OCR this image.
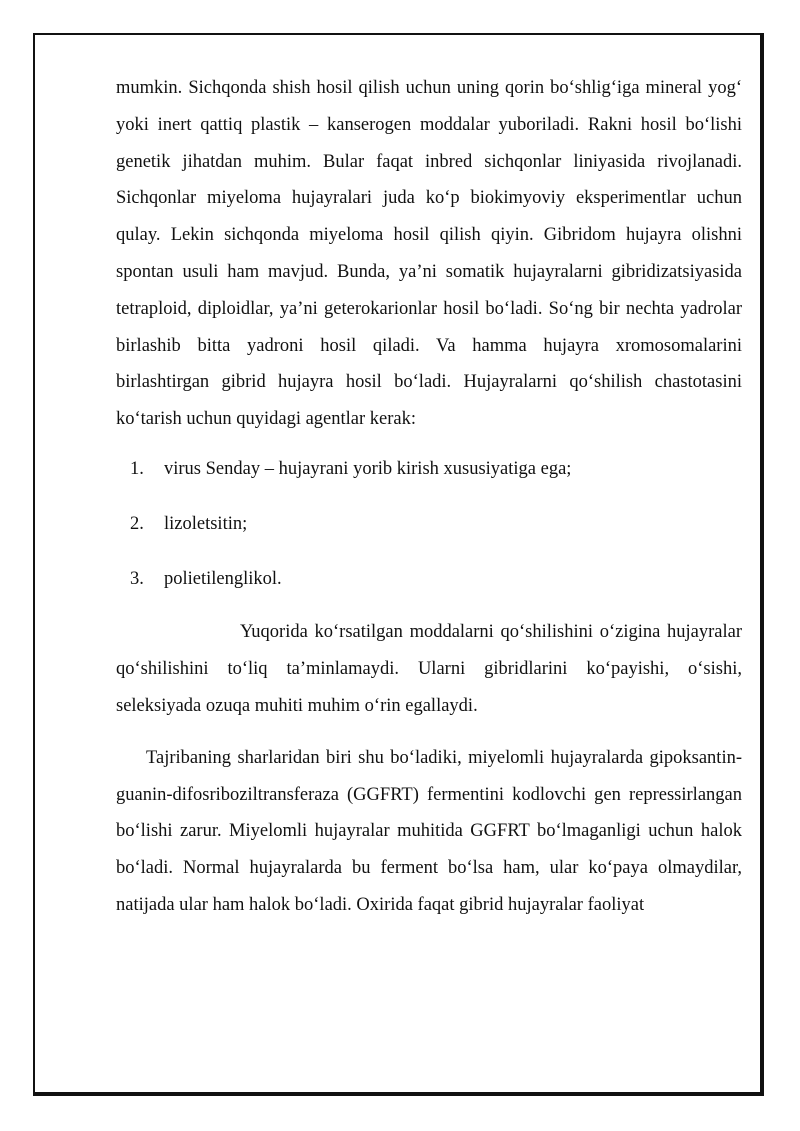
mumkin. Sichqonda shish hosil qilish uchun uning qorin bo‘shlig‘iga mineral yog‘ yoki inert qattiq plastik – kanserogen moddalar yuboriladi. Rakni hosil bo‘lishi genetik jihatdan muhim. Bular faqat inbred sichqonlar liniyasida rivojlanadi. Sichqonlar miyeloma hujayralari juda ko‘p biokimyoviy eksperimentlar uchun qulay. Lekin sichqonda miyeloma hosil qilish qiyin. Gibridom hujayra olishni spontan usuli ham mavjud. Bunda, ya’ni somatik hujayralarni gibridizatsiyasida tetraploid, diploidlar, ya’ni geterokarionlar hosil bo‘ladi. So‘ng bir nechta yadrolar birlashib bitta yadroni hosil qiladi. Va hamma hujayra xromosomalarini birlashtirgan gibrid hujayra hosil bo‘ladi. Hujayralarni qo‘shilish chastotasini ko‘tarish uchun quyidagi agentlar kerak:

1.	virus Senday – hujayrani yorib kirish xususiyatiga ega;
2.	lizoletsitin;
3.	polietilenglikol.

Yuqorida ko‘rsatilgan moddalarni qo‘shilishini o‘zigina hujayralar qo‘shilishini to‘liq ta’minlamaydi. Ularni gibridlarini ko‘payishi, o‘sishi, seleksiyada ozuqa muhiti muhim o‘rin egallaydi.

Tajribaning sharlaridan biri shu bo‘ladiki, miyelomli hujayralarda gipoksantin-guanin-difosriboziltransferaza (GGFRT) fermentini kodlovchi gen repressirlangan bo‘lishi zarur. Miyelomli hujayralar muhitida GGFRT bo‘lmaganligi uchun halok bo‘ladi. Normal hujayralarda bu ferment bo‘lsa ham, ular ko‘paya olmaydilar, natijada ular ham halok bo‘ladi. Oxirida faqat gibrid hujayralar faoliyat
